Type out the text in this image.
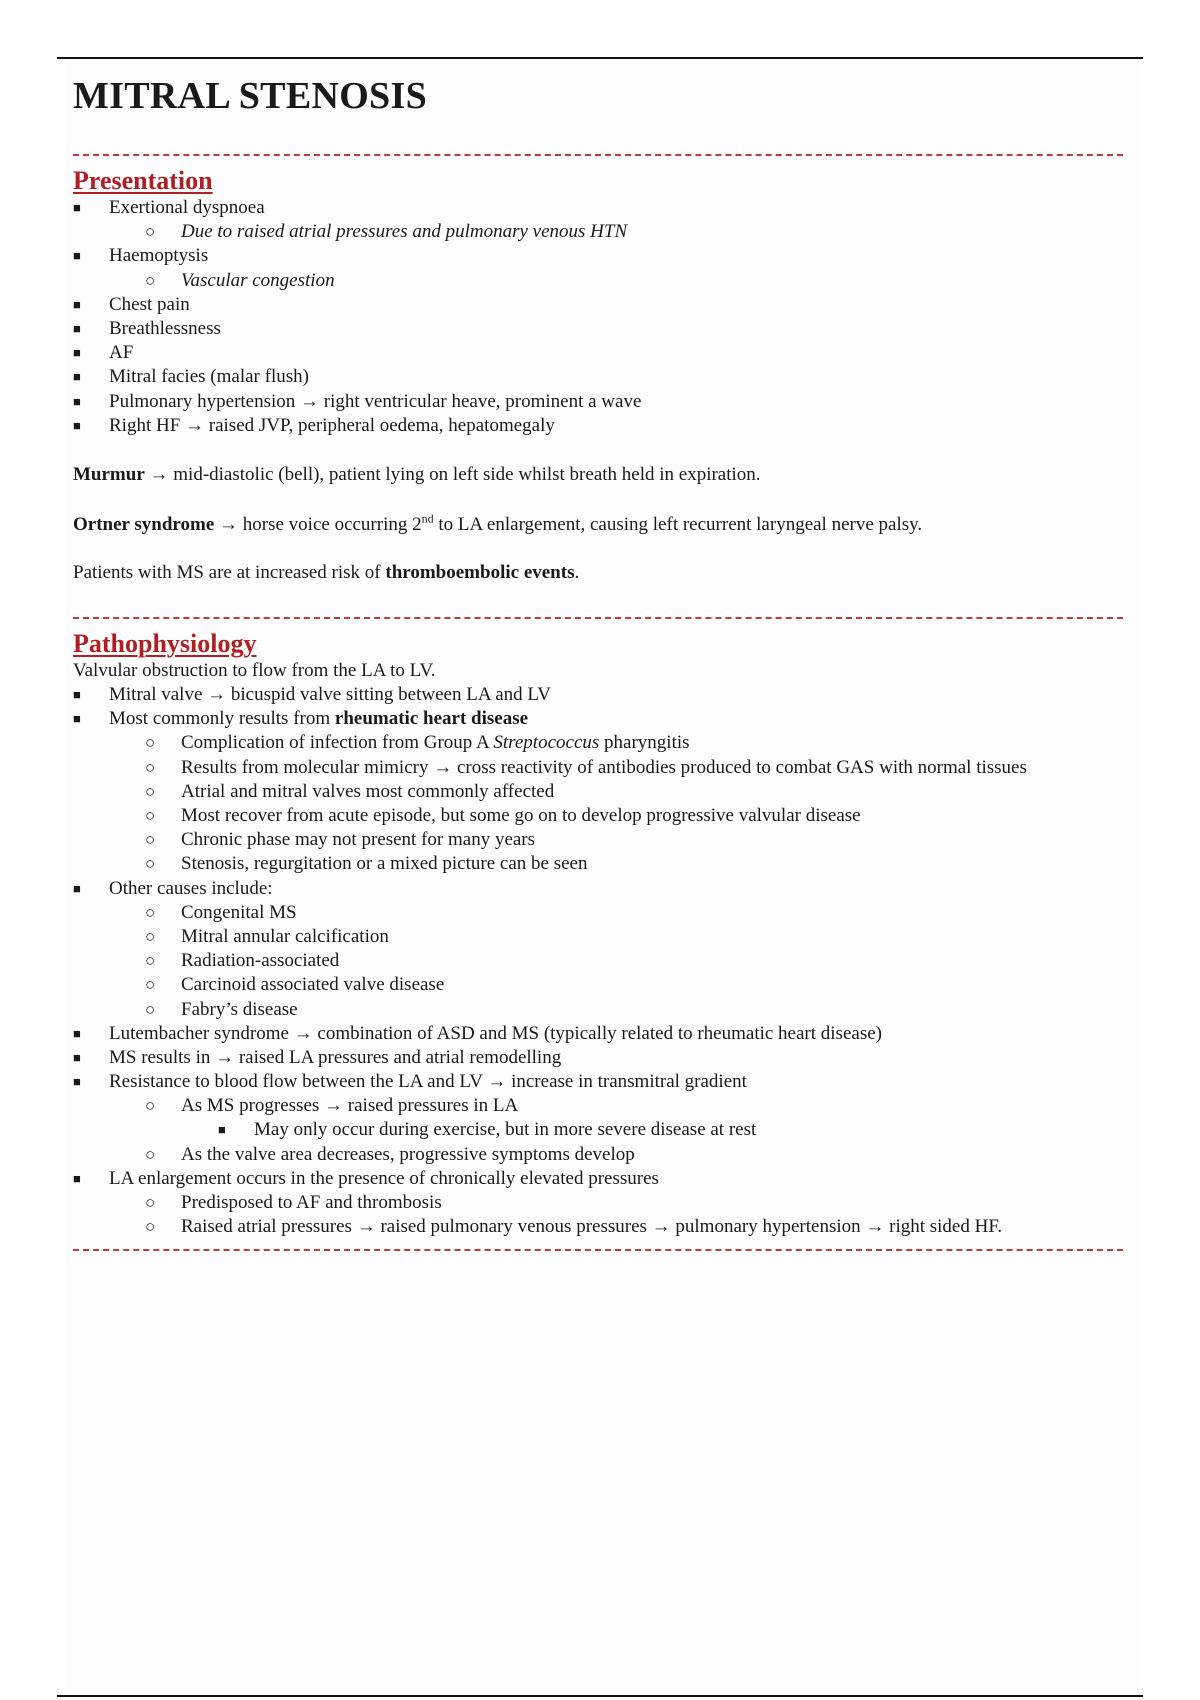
MITRAL STENOSIS
Presentation
■ Exertional dyspnoea
○ Due to raised atrial pressures and pulmonary venous HTN
■ Haemoptysis
○ Vascular congestion
■ Chest pain
■ Breathlessness
■ AF
■ Mitral facies (malar flush)
■ Pulmonary hypertension → right ventricular heave, prominent a wave
■ Right HF → raised JVP, peripheral oedema, hepatomegaly

Murmur → mid-diastolic (bell), patient lying on left side whilst breath held in expiration.

Ortner syndrome → horse voice occurring 2nd to LA enlargement, causing left recurrent laryngeal nerve palsy.

Patients with MS are at increased risk of thromboembolic events.

Pathophysiology

Valvular obstruction to flow from the LA to LV.

■ Mitral valve → bicuspid valve sitting between LA and LV
■ Most commonly results from rheumatic heart disease
○ Complication of infection from Group A Streptococcus pharyngitis
○ Results from molecular mimicry → cross reactivity of antibodies produced to combat GAS with normal tissues
○ Atrial and mitral valves most commonly affected
○ Most recover from acute episode, but some go on to develop progressive valvular disease
○ Chronic phase may not present for many years
○ Stenosis, regurgitation or a mixed picture can be seen
■ Other causes include:
○ Congenital MS
○ Mitral annular calcification
○ Radiation-associated
○ Carcinoid associated valve disease
○ Fabry’s disease
■ Lutembacher syndrome → combination of ASD and MS (typically related to rheumatic heart disease)
■ MS results in → raised LA pressures and atrial remodelling
■ Resistance to blood flow between the LA and LV → increase in transmitral gradient
○ As MS progresses → raised pressures in LA
■ May only occur during exercise, but in more severe disease at rest
○ As the valve area decreases, progressive symptoms develop
■ LA enlargement occurs in the presence of chronically elevated pressures
○ Predisposed to AF and thrombosis
○ Raised atrial pressures → raised pulmonary venous pressures → pulmonary hypertension → right sided HF.
